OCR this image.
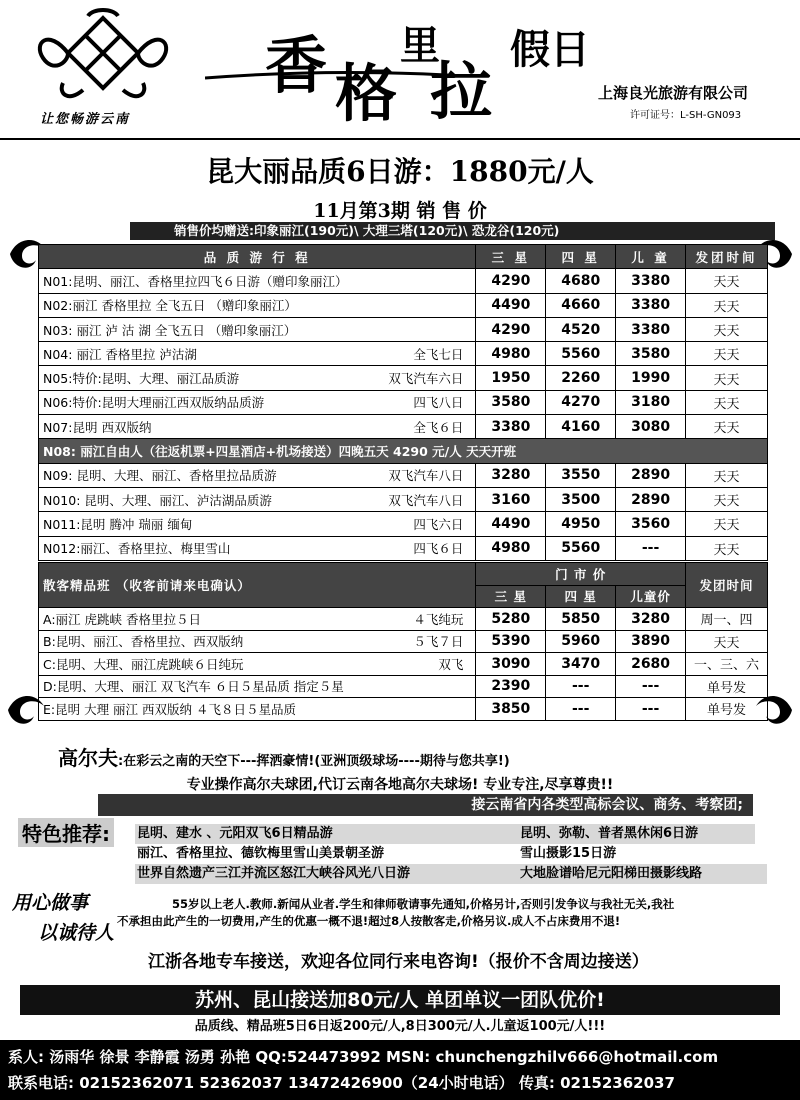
让您畅游云南
香 格
里
拉
假日
上海良光旅游有限公司
许可证号：L-SH-GN093
昆大丽品质6日游：1880元/人
11月第3期 销 售 价
销售价均赠送:印象丽江(190元)\ 大理三塔(120元)\ 恐龙谷(120元)
品 质 游 行 程	三 星	四 星	儿 童	发团时间

N01:昆明、丽江、香格里拉四飞６日游（赠印象丽江）	4290	4680	3380	天天

N02:丽江 香格里拉 全飞五日 （赠印象丽江）	4490	4660	3380	天天

N03: 丽江 泸 沽 湖 全飞五日 （赠印象丽江）	4290	4520	3380	天天

N04: 丽江 香格里拉 泸沽湖 全飞七日	4980	5560	3580	天天

N05:特价:昆明、大理、丽江品质游 双飞汽车六日	1950	2260	1990	天天

N06:特价:昆明大理丽江西双版纳品质游 四飞八日	3580	4270	3180	天天

N07:昆明 西双版纳 全飞６日	3380	4160	3080	天天
N08: 丽江自由人（往返机票+四星酒店+机场接送）四晚五天 4290 元/人 天天开班				

N09: 昆明、大理、丽江、香格里拉品质游 双飞汽车八日	3280	3550	2890	天天

N010: 昆明、大理、丽江、泸沽湖品质游 双飞汽车八日	3160	3500	2890	天天

N011:昆明 腾冲 瑞丽 缅甸 四飞六日	4490	4950	3560	天天

N012:丽江、香格里拉、梅里雪山 四飞６日	4980	5560	---	天天
散客精品班 （收客前请来电确认）	门 市 价			发团时间
	三 星	四 星	儿童价	

A:丽江 虎跳峡 香格里拉５日 ４飞纯玩	5280	5850	3280	周一、四

B:昆明、丽江、香格里拉、西双版纳 ５飞７日	5390	5960	3890	天天

C:昆明、大理、丽江虎跳峡６日纯玩 双飞	3090	3470	2680	一、三、六

D:昆明、大理、丽江 双飞汽车 ６日５星品质 指定５星	2390	---	---	单号发

E:昆明 大理 丽江 西双版纳 ４飞８日５星品质	3850	---	---	单号发
高尔夫:在彩云之南的天空下---挥洒豪情!(亚洲顶级球场----期待与您共享!)
专业操作高尔夫球团,代订云南各地高尔夫球场! 专业专注,尽享尊贵!!
接云南省内各类型高标会议、商务、考察团;
特色推荐:	昆明、建水 、元阳双飞6日精品游	昆明、弥勒、普者黑休闲6日游
丽江、香格里拉、德钦梅里雪山美景朝圣游	雪山摄影15日游
世界自然遗产三江并流区怒江大峡谷风光八日游	大地脸谱哈尼元阳梯田摄影线路
用心做事
以诚待人
55岁以上老人.教师.新闻从业者.学生和律师敬请事先通知,价格另计,否则引发争议与我社无关,我社
不承担由此产生的一切费用,产生的优惠一概不退!超过8人按散客走,价格另议.成人不占床费用不退!
江浙各地专车接送，欢迎各位同行来电咨询!（报价不含周边接送）
苏州、昆山接送加80元/人 单团单议一团队优价!
品质线、精品班5日6日返200元/人,8日300元/人.儿童返100元/人!!!
系人: 汤雨华 徐景 李静霞 汤勇 孙艳 QQ:524473992 MSN: chunchengzhilv666@hotmail.com
联系电话: 02152362071 52362037 13472426900（24小时电话） 传真: 02152362037
